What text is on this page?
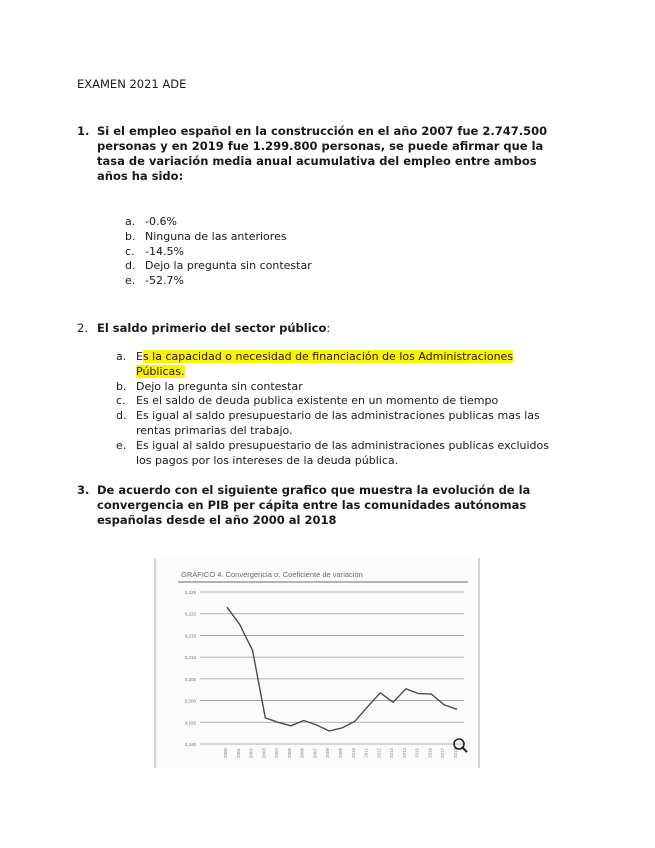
EXAMEN 2021 ADE
1. Si el empleo español en la construcción en el año 2007 fue 2.747.500
personas y en 2019 fue 1.299.800 personas, se puede afirmar que la
tasa de variación media anual acumulativa del empleo entre ambos
años ha sido:
a. -0.6%
b. Ninguna de las anteriores
c. -14.5%
d. Dejo la pregunta sin contestar
e. -52.7%
2. El saldo primerio del sector público:
a. Es la capacidad o necesidad de financiación de los Administraciones
Públicas.
b. Dejo la pregunta sin contestar
c. Es el saldo de deuda publica existente en un momento de tiempo
d. Es igual al saldo presupuestario de las administraciones publicas mas las
rentas primarias del trabajo.
e. Es igual al saldo presupuestario de las administraciones publicas excluidos
los pagos por los intereses de la deuda pública.
3. De acuerdo con el siguiente grafico que muestra la evolución de la
convergencia en PIB per cápita entre las comunidades autónomas
españolas desde el año 2000 al 2018
GRÁFICO 4. Convergencia σ. Coeficiente de variación
0,190
0,195
0,200
0,205
0,210
0,215
0,220
0,225
2000 2001 2002 2003 2004 2005 2006 2007 2008 2009 2010 2011 2012 2013 2014 2015 2016 2017 2018
